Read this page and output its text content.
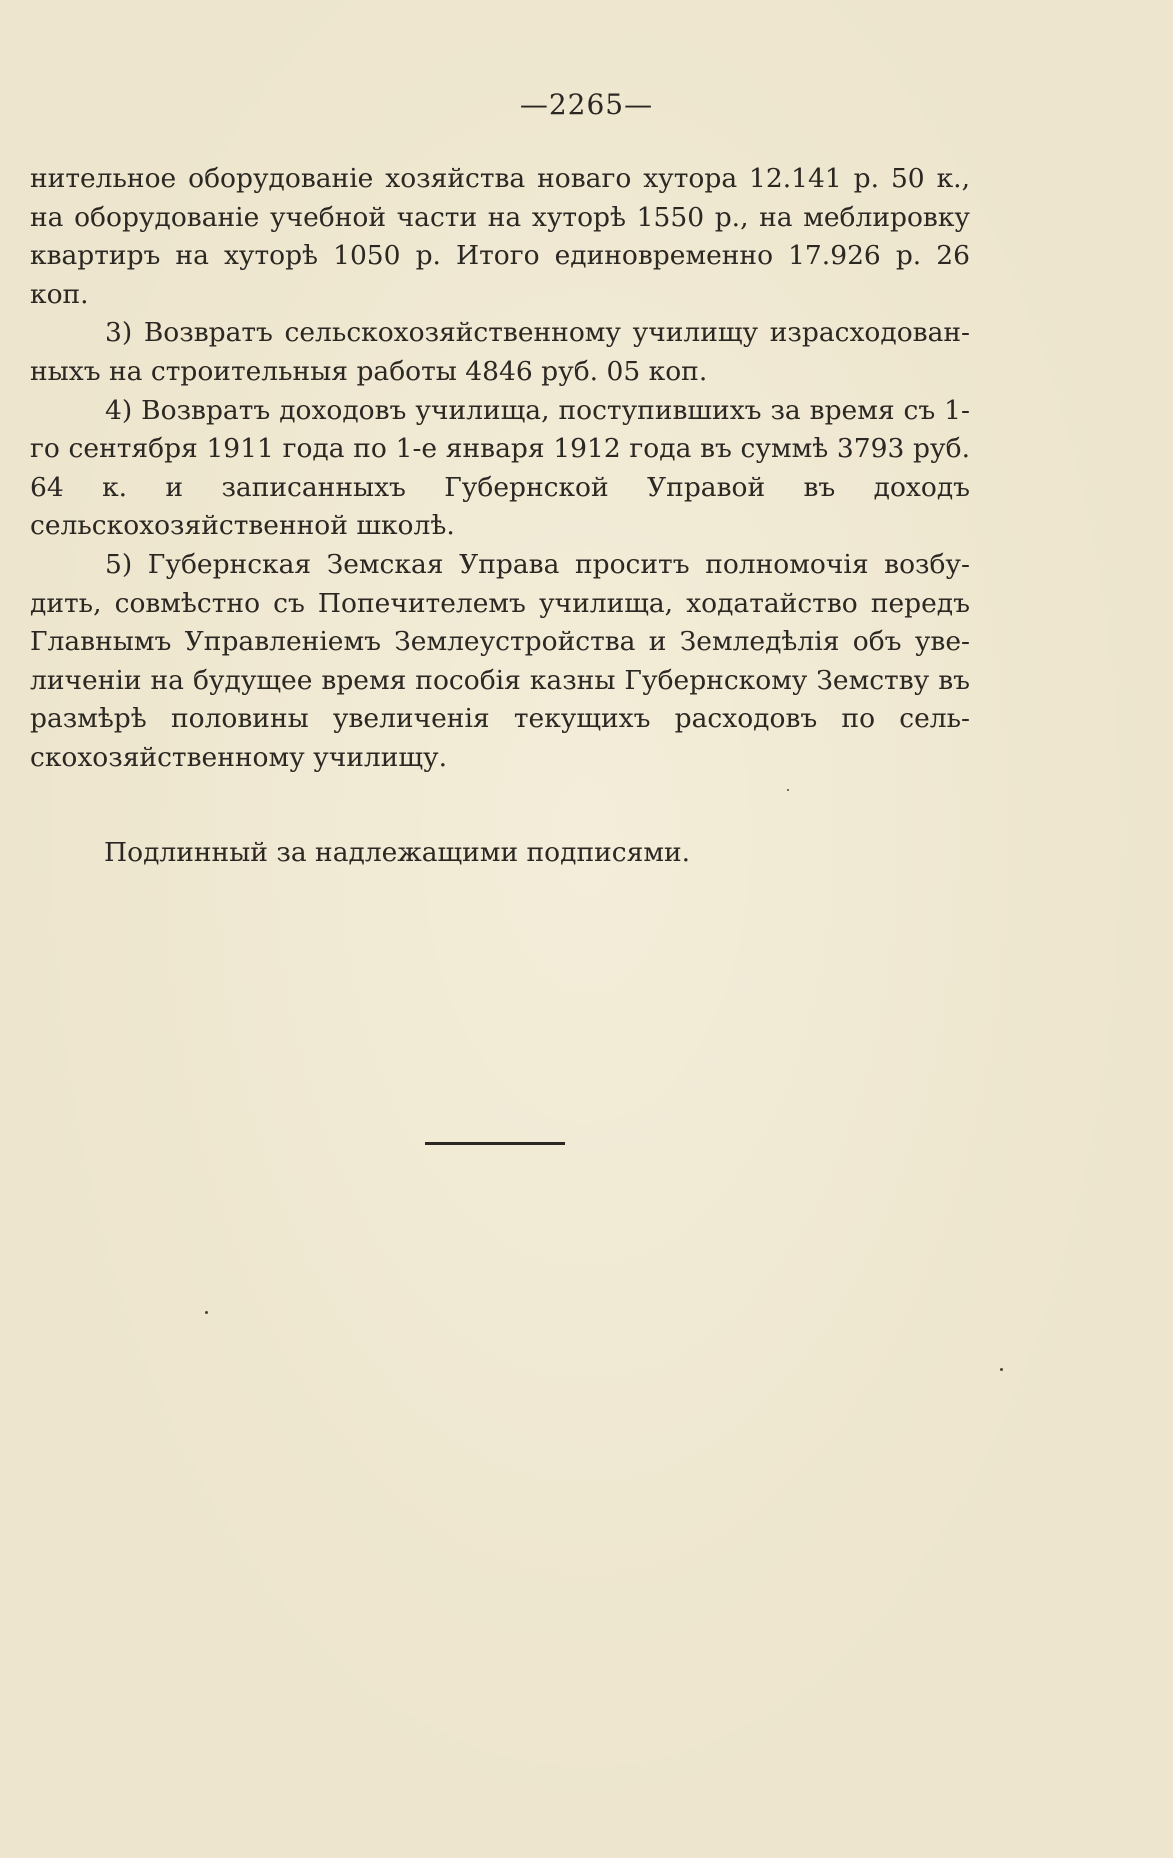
—2265—

нительное оборудованіе хозяйства новаго хутора 12.141 р. 50 к., на оборудованіе учебной части на хуторѣ 1550 р., на меблировку квартиръ на хуторѣ 1050 р. Итого единовременно 17.926 р. 26 коп.

3) Возвратъ сельскохозяйственному училищу израсходованныхъ на строительныя работы 4846 руб. 05 коп.

4) Возвратъ доходовъ училища, поступившихъ за время съ 1-го сентября 1911 года по 1-е января 1912 года въ суммѣ 3793 руб. 64 к. и записанныхъ Губернской Управой въ доходъ сельскохозяйственной школѣ.

5) Губернская Земская Управа проситъ полномочія возбудить, совмѣстно съ Попечителемъ училища, ходатайство передъ Главнымъ Управленіемъ Землеустройства и Земледѣлія объ увеличеніи на будущее время пособія казны Губернскому Земству въ размѣрѣ половины увеличенія текущихъ расходовъ по сельскохозяйственному училищу.

Подлинный за надлежащими подписями.
